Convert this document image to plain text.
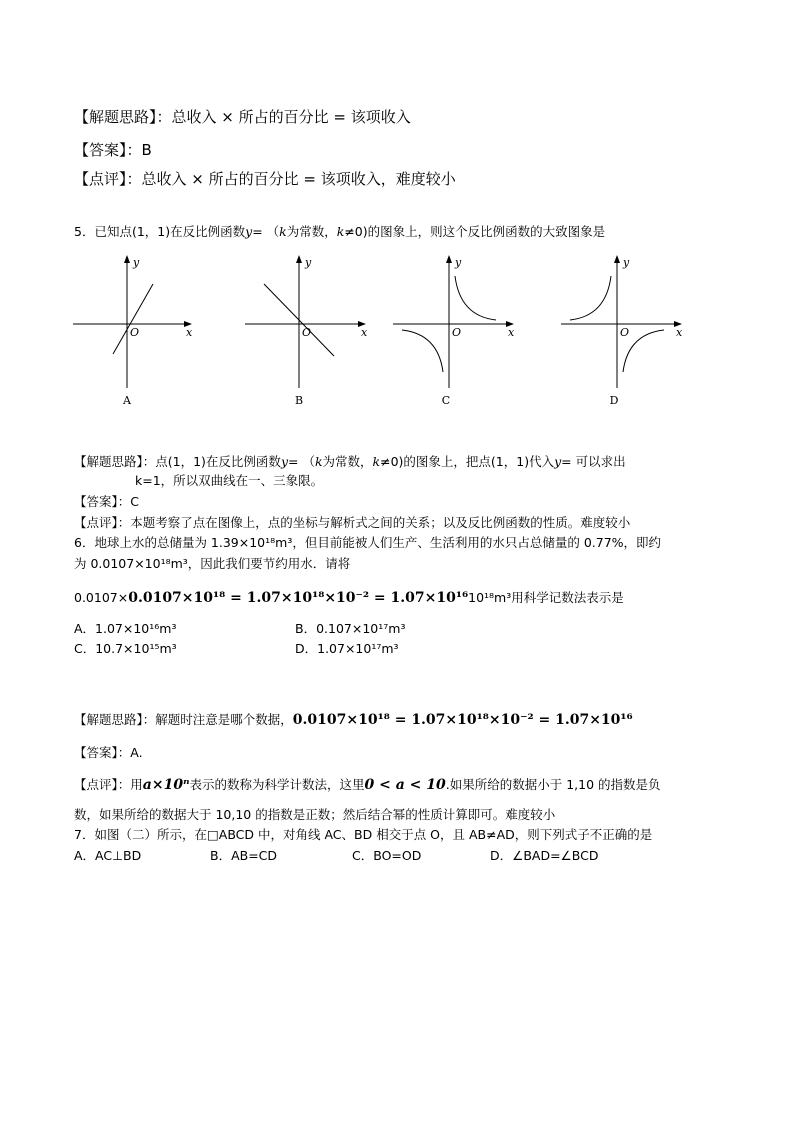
【解题思路】：总收入 × 所占的百分比 = 该项收入
【答案】：B
【点评】：总收入 × 所占的百分比 = 该项收入，难度较小
5．已知点(1，1)在反比例函数y= （k为常数，k≠0)的图象上，则这个反比例函数的大致图象是
y
x
O
A
y
x
O
B
y
x
O
C
y
x
O
D
【解题思路】：点(1，1)在反比例函数y= （k为常数，k≠0)的图象上，把点(1，1)代入y= 可以求出
k=1，所以双曲线在一、三象限。
【答案】：C
【点评】：本题考察了点在图像上，点的坐标与解析式之间的关系；以及反比例函数的性质。难度较小
6．地球上水的总储量为 1.39×10¹⁸m³，但目前能被人们生产、生活利用的水只占总储量的 0.77%，即约
为 0.0107×10¹⁸m³，因此我们要节约用水．请将
0.0107×0.0107×10¹⁸ = 1.07×10¹⁸×10⁻² = 1.07×10¹⁶10¹⁸m³用科学记数法表示是
A．1.07×10¹⁶m³	B．0.107×10¹⁷m³
C．10.7×10¹⁵m³	D．1.07×10¹⁷m³
【解题思路】：解题时注意是哪个数据，0.0107×10¹⁸ = 1.07×10¹⁸×10⁻² = 1.07×10¹⁶
【答案】：A.
【点评】：用a×10ⁿ表示的数称为科学计数法，这里0 < a < 10.如果所给的数据小于 1,10 的指数是负
数，如果所给的数据大于 10,10 的指数是正数；然后结合幂的性质计算即可。难度较小
7．如图（二）所示，在□ABCD 中，对角线 AC、BD 相交于点 O，且 AB≠AD，则下列式子不正确的是
A．AC⊥BD	B．AB=CD	C．BO=OD	D．∠BAD=∠BCD
